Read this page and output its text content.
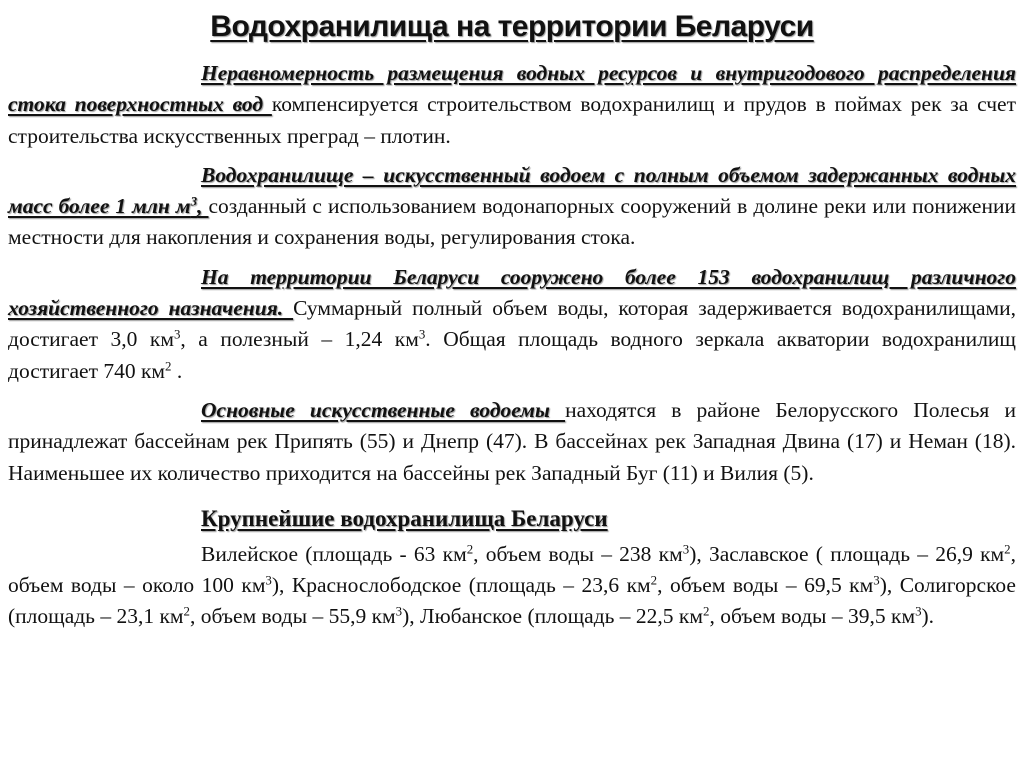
Водохранилища на территории Беларуси

Неравномерность размещения водных ресурсов и внутригодового распределения стока поверхностных вод компенсируется строительством водохранилищ и прудов в поймах рек за счет строительства искусственных преград – плотин.

Водохранилище – искусственный водоем с полным объемом задержанных водных масс более 1 млн $м^3$, созданный с использованием водонапорных сооружений в долине реки или понижении местности для накопления и сохранения воды, регулирования стока.

На территории Беларуси сооружено более 153 водохранилищ различного хозяйственного назначения. Суммарный полный объем воды, которая задерживается водохранилищами, достигает 3,0 $км^3$, а полезный – 1,24 $км^3$. Общая площадь водного зеркала акватории водохранилищ достигает 740 $км^2$ .

Основные искусственные водоемы находятся в районе Белорусского Полесья и принадлежат бассейнам рек Припять (55) и Днепр (47). В бассейнах рек Западная Двина (17) и Неман (18). Наименьшее их количество приходится на бассейны рек Западный Буг (11) и Вилия (5).

Крупнейшие водохранилища Беларуси

Вилейское (площадь - 63 $км^2$, объем воды – 238 $км^3$), Заславское ( площадь – 26,9 $км^2$, объем воды – около 100 $км^3$), Краснослободское (площадь – 23,6 $км^2$, объем воды – 69,5 $км^3$), Солигорское (площадь – 23,1 $км^2$, объем воды – 55,9 $км^3$), Любанское (площадь – 22,5 $км^2$, объем воды – 39,5 $км^3$).
